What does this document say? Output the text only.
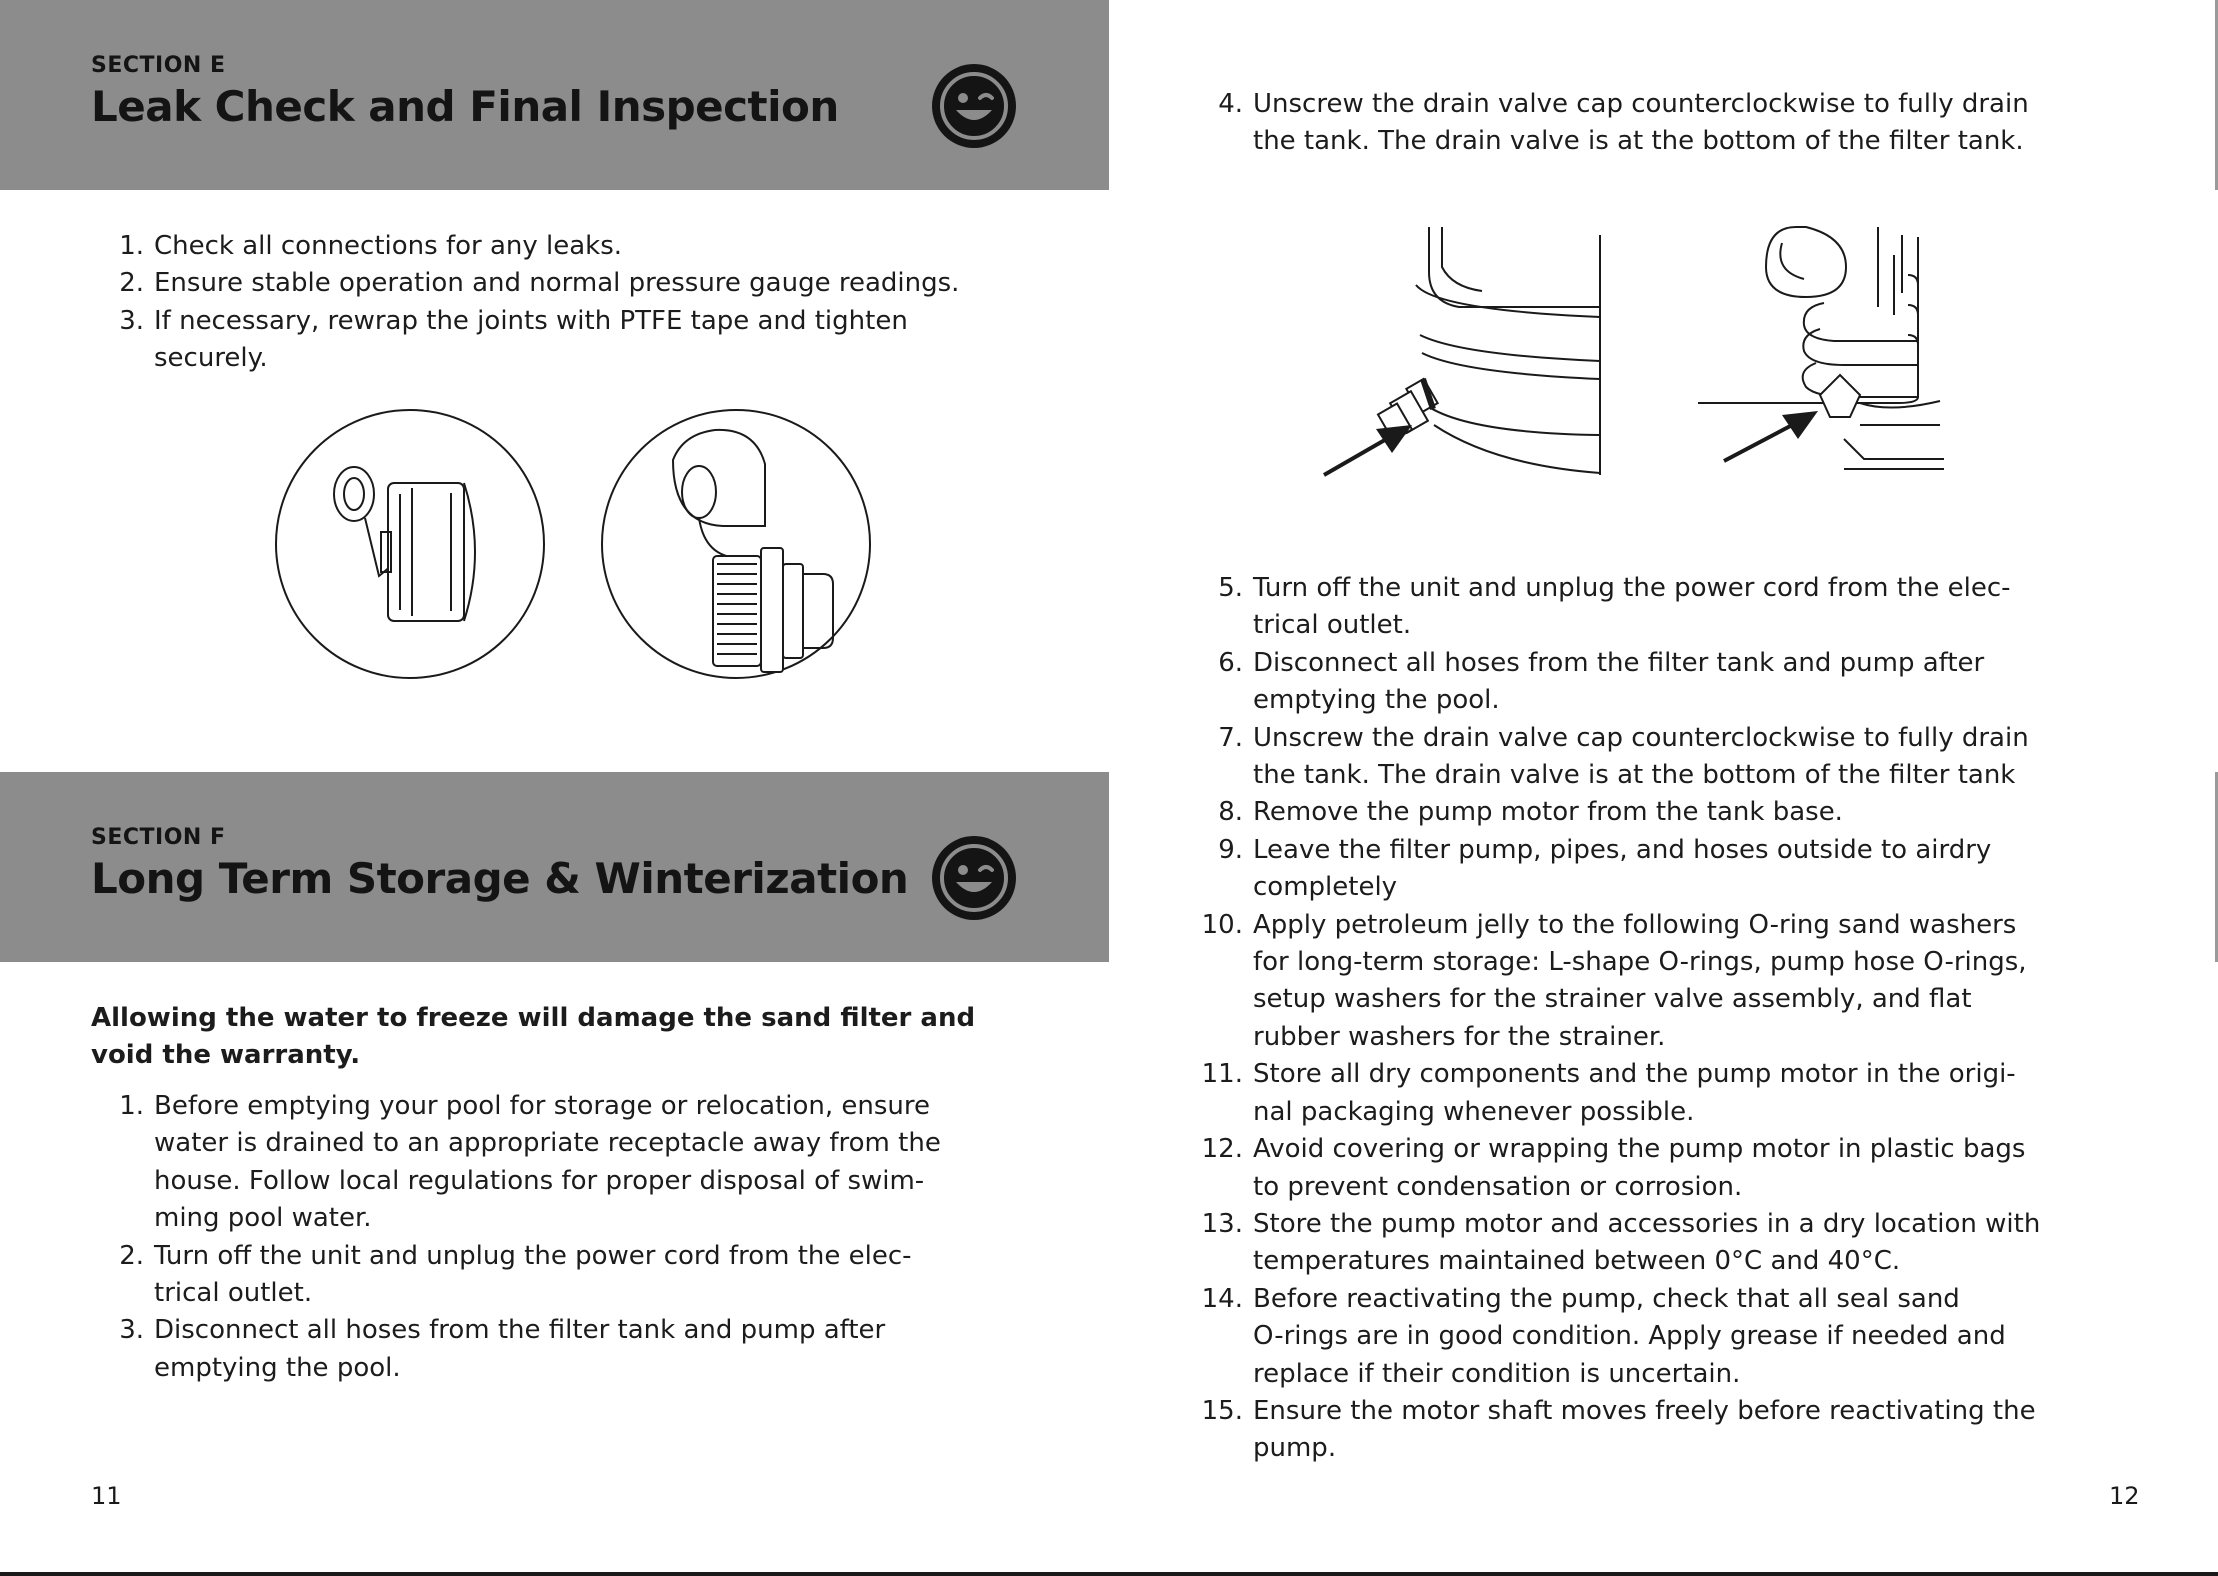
SECTION E
Leak Check and Final Inspection
1. Check all connections for any leaks.
2. Ensure stable operation and normal pressure gauge readings.
3. If necessary, rewrap the joints with PTFE tape and tighten
securely.
SECTION F
Long Term Storage & Winterization
Allowing the water to freeze will damage the sand filter and
void the warranty.
1. Before emptying your pool for storage or relocation, ensure
water is drained to an appropriate receptacle away from the
house. Follow local regulations for proper disposal of swim-
ming pool water.
2. Turn off the unit and unplug the power cord from the elec-
trical outlet.
3. Disconnect all hoses from the filter tank and pump after
emptying the pool.
11
4. Unscrew the drain valve cap counterclockwise to fully drain
the tank. The drain valve is at the bottom of the filter tank.
5. Turn off the unit and unplug the power cord from the elec-
trical outlet.
6. Disconnect all hoses from the filter tank and pump after
emptying the pool.
7. Unscrew the drain valve cap counterclockwise to fully drain
the tank. The drain valve is at the bottom of the filter tank
8. Remove the pump motor from the tank base.
9. Leave the filter pump, pipes, and hoses outside to airdry
completely
10. Apply petroleum jelly to the following O-ring sand washers
for long-term storage: L-shape O-rings, pump hose O-rings,
setup washers for the strainer valve assembly, and flat
rubber washers for the strainer.
11. Store all dry components and the pump motor in the origi-
nal packaging whenever possible.
12. Avoid covering or wrapping the pump motor in plastic bags
to prevent condensation or corrosion.
13. Store the pump motor and accessories in a dry location with
temperatures maintained between 0°C and 40°C.
14. Before reactivating the pump, check that all seal sand
O-rings are in good condition. Apply grease if needed and
replace if their condition is uncertain.
15. Ensure the motor shaft moves freely before reactivating the
pump.
12
